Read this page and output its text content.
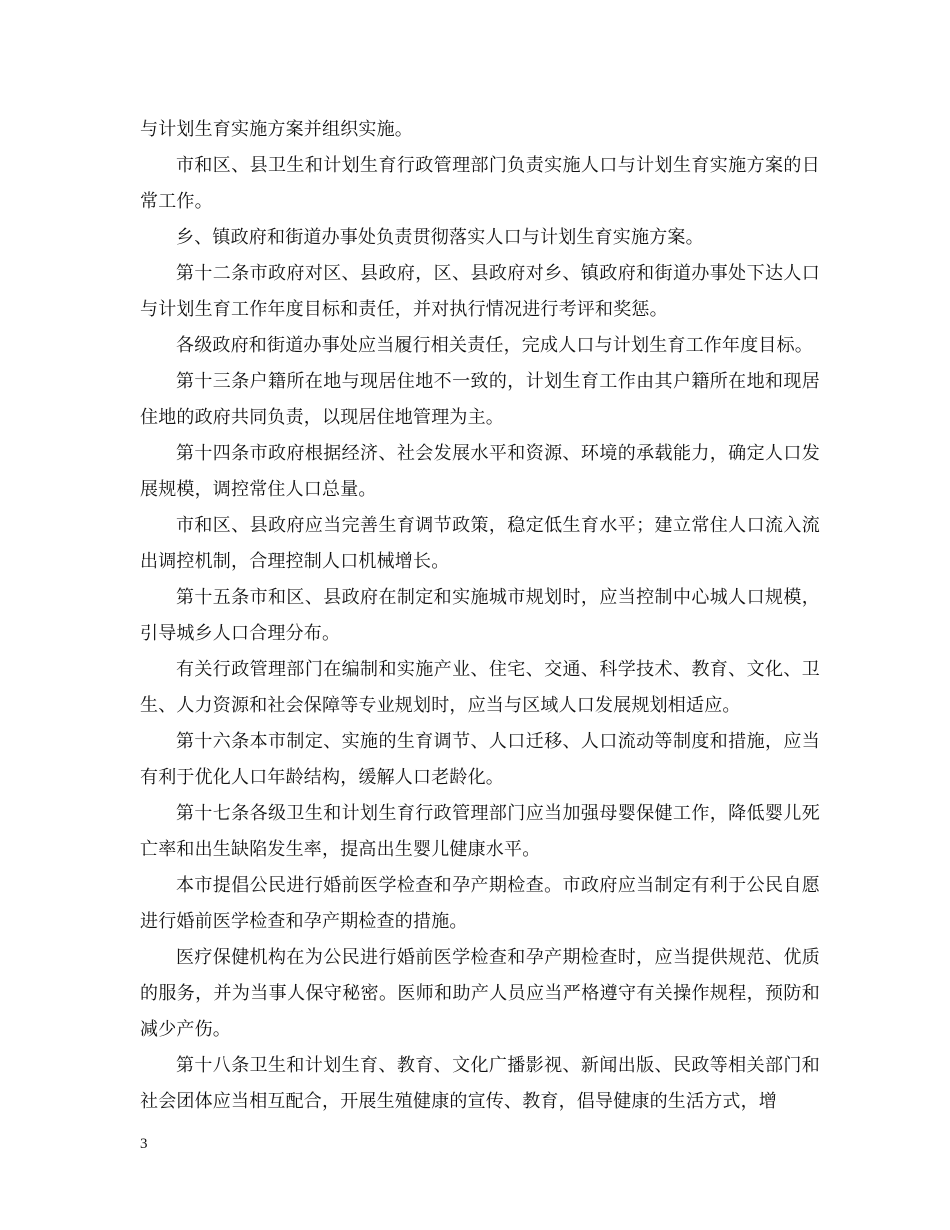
与计划生育实施方案并组织实施。

市和区、县卫生和计划生育行政管理部门负责实施人口与计划生育实施方案的日常工作。

乡、镇政府和街道办事处负责贯彻落实人口与计划生育实施方案。

第十二条市政府对区、县政府，区、县政府对乡、镇政府和街道办事处下达人口与计划生育工作年度目标和责任，并对执行情况进行考评和奖惩。

各级政府和街道办事处应当履行相关责任，完成人口与计划生育工作年度目标。

第十三条户籍所在地与现居住地不一致的，计划生育工作由其户籍所在地和现居住地的政府共同负责，以现居住地管理为主。

第十四条市政府根据经济、社会发展水平和资源、环境的承载能力，确定人口发展规模，调控常住人口总量。

市和区、县政府应当完善生育调节政策，稳定低生育水平；建立常住人口流入流出调控机制，合理控制人口机械增长。

第十五条市和区、县政府在制定和实施城市规划时，应当控制中心城人口规模，引导城乡人口合理分布。

有关行政管理部门在编制和实施产业、住宅、交通、科学技术、教育、文化、卫生、人力资源和社会保障等专业规划时，应当与区域人口发展规划相适应。

第十六条本市制定、实施的生育调节、人口迁移、人口流动等制度和措施，应当有利于优化人口年龄结构，缓解人口老龄化。

第十七条各级卫生和计划生育行政管理部门应当加强母婴保健工作，降低婴儿死亡率和出生缺陷发生率，提高出生婴儿健康水平。

本市提倡公民进行婚前医学检查和孕产期检查。市政府应当制定有利于公民自愿进行婚前医学检查和孕产期检查的措施。

医疗保健机构在为公民进行婚前医学检查和孕产期检查时，应当提供规范、优质的服务，并为当事人保守秘密。医师和助产人员应当严格遵守有关操作规程，预防和减少产伤。

第十八条卫生和计划生育、教育、文化广播影视、新闻出版、民政等相关部门和社会团体应当相互配合，开展生殖健康的宣传、教育，倡导健康的生活方式，增

3
